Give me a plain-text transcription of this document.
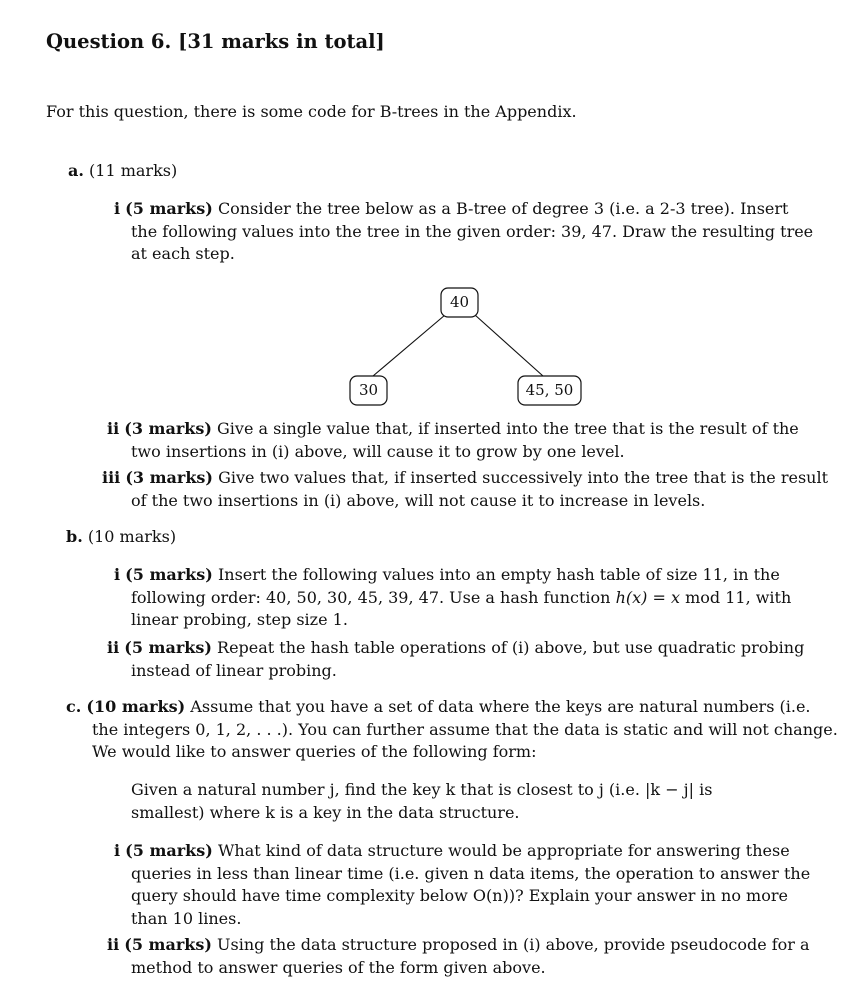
Question 6. [31 marks in total]
For this question, there is some code for B-trees in the Appendix.
a. (11 marks)
i (5 marks) Consider the tree below as a B-tree of degree 3 (i.e. a 2-3 tree). Insert
the following values into the tree in the given order: 39, 47. Draw the resulting tree
at each step.
40
30	45, 50
ii (3 marks) Give a single value that, if inserted into the tree that is the result of the
two insertions in (i) above, will cause it to grow by one level.
iii (3 marks) Give two values that, if inserted successively into the tree that is the result
of the two insertions in (i) above, will not cause it to increase in levels.
b. (10 marks)
i (5 marks) Insert the following values into an empty hash table of size 11, in the
following order: 40, 50, 30, 45, 39, 47. Use a hash function h(x) = x mod 11, with
linear probing, step size 1.
ii (5 marks) Repeat the hash table operations of (i) above, but use quadratic probing
instead of linear probing.
c. (10 marks) Assume that you have a set of data where the keys are natural numbers (i.e.
the integers 0, 1, 2, . . .). You can further assume that the data is static and will not change.
We would like to answer queries of the following form:
Given a natural number j, find the key k that is closest to j (i.e. |k − j| is
smallest) where k is a key in the data structure.
i (5 marks) What kind of data structure would be appropriate for answering these
queries in less than linear time (i.e. given n data items, the operation to answer the
query should have time complexity below O(n))? Explain your answer in no more
than 10 lines.
ii (5 marks) Using the data structure proposed in (i) above, provide pseudocode for a
method to answer queries of the form given above.
